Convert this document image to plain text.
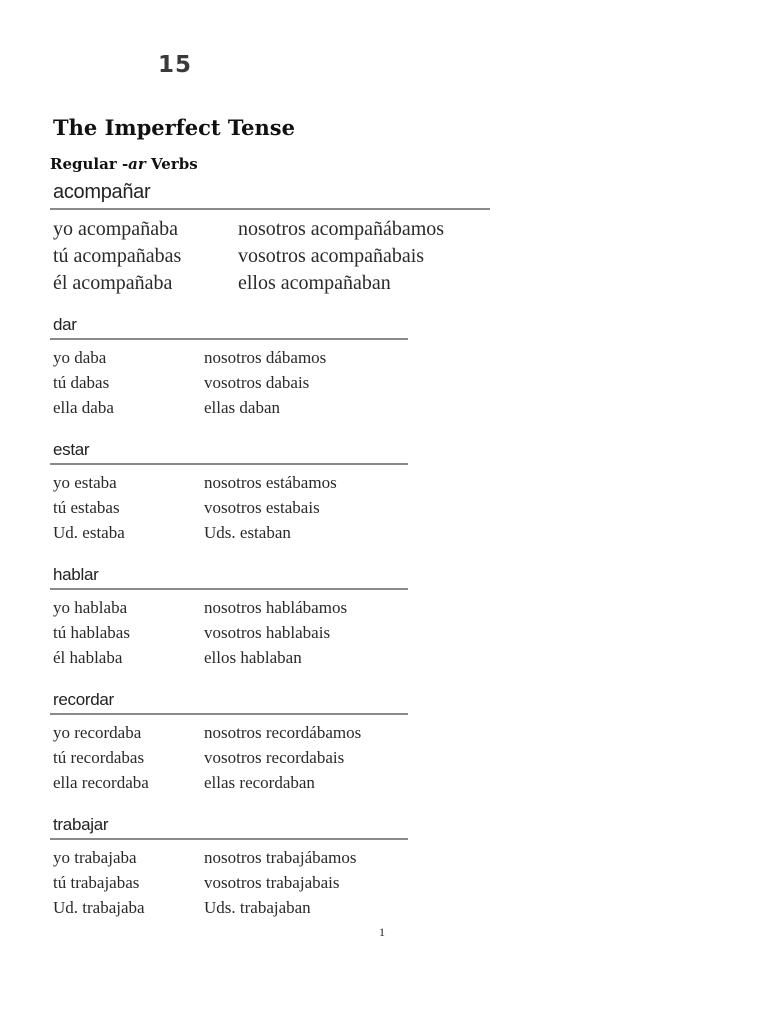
15
The Imperfect Tense
Regular -ar Verbs
acompañar
yo acompañaba	nosotros acompañábamos
tú acompañabas	vosotros acompañabais
él acompañaba	ellos acompañaban
dar
yo daba	nosotros dábamos
tú dabas	vosotros dabais
ella daba	ellas daban
estar
yo estaba	nosotros estábamos
tú estabas	vosotros estabais
Ud. estaba	Uds. estaban
hablar
yo hablaba	nosotros hablábamos
tú hablabas	vosotros hablabais
él hablaba	ellos hablaban
recordar
yo recordaba	nosotros recordábamos
tú recordabas	vosotros recordabais
ella recordaba	ellas recordaban
trabajar
yo trabajaba	nosotros trabajábamos
tú trabajabas	vosotros trabajabais
Ud. trabajaba	Uds. trabajaban
1
